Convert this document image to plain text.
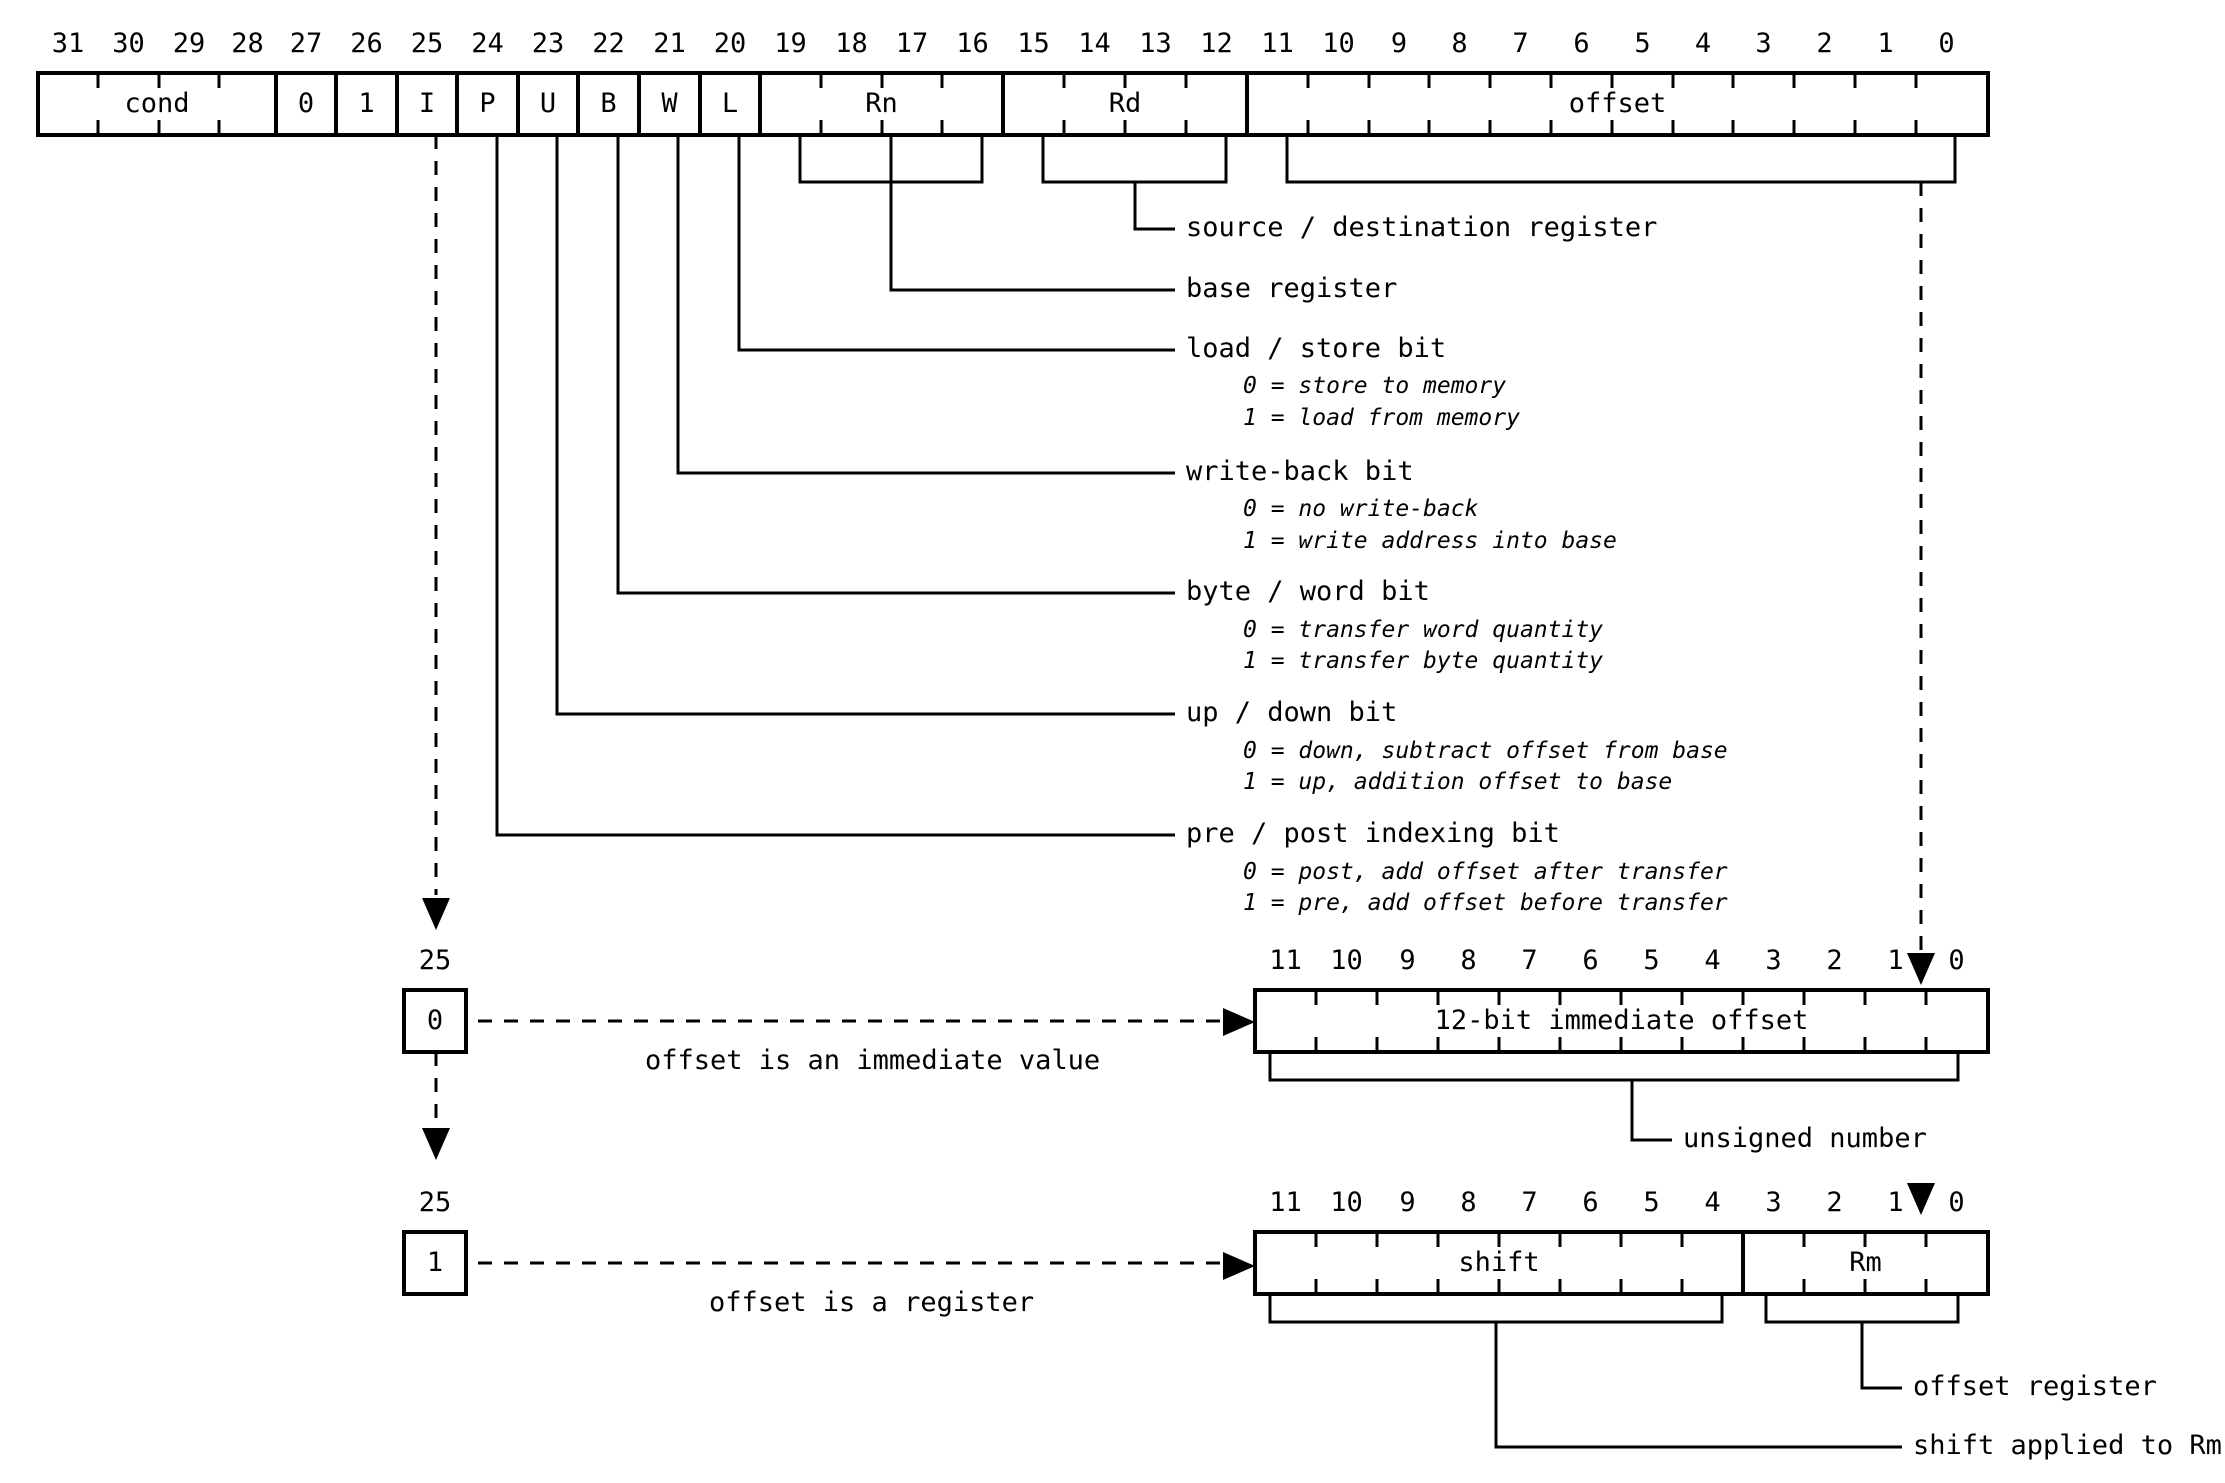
31	30	29 28 27	26	25	24	23	22	21	20	19	18	17	16	15	14	13	12	11	10	9	8	7	6	5	4	3	2	1	0
cond	0	1	I	P	U	B	W	L	Rn	Rd	offset
source / destination register
base register
load / store bit
0 = store to memory
1 = load from memory
write-back bit
0 = no write-back
1 = write address into base
byte / word bit
0 = transfer word quantity
1 = transfer byte quantity
up / down bit
0 = down, subtract offset from base
1 = up, addition offset to base
pre / post indexing bit
0 = post, add offset after transfer
1 = pre, add offset before transfer
25
0
offset is an immediate value
11	10	9	8	7	6	5	4	3	2	1	0
12-bit immediate offset
unsigned number
25
1
offset is a register
11	10	9	8	7	6	5	4	3	2	1	0
shift	Rm
offset register
shift applied to Rm
